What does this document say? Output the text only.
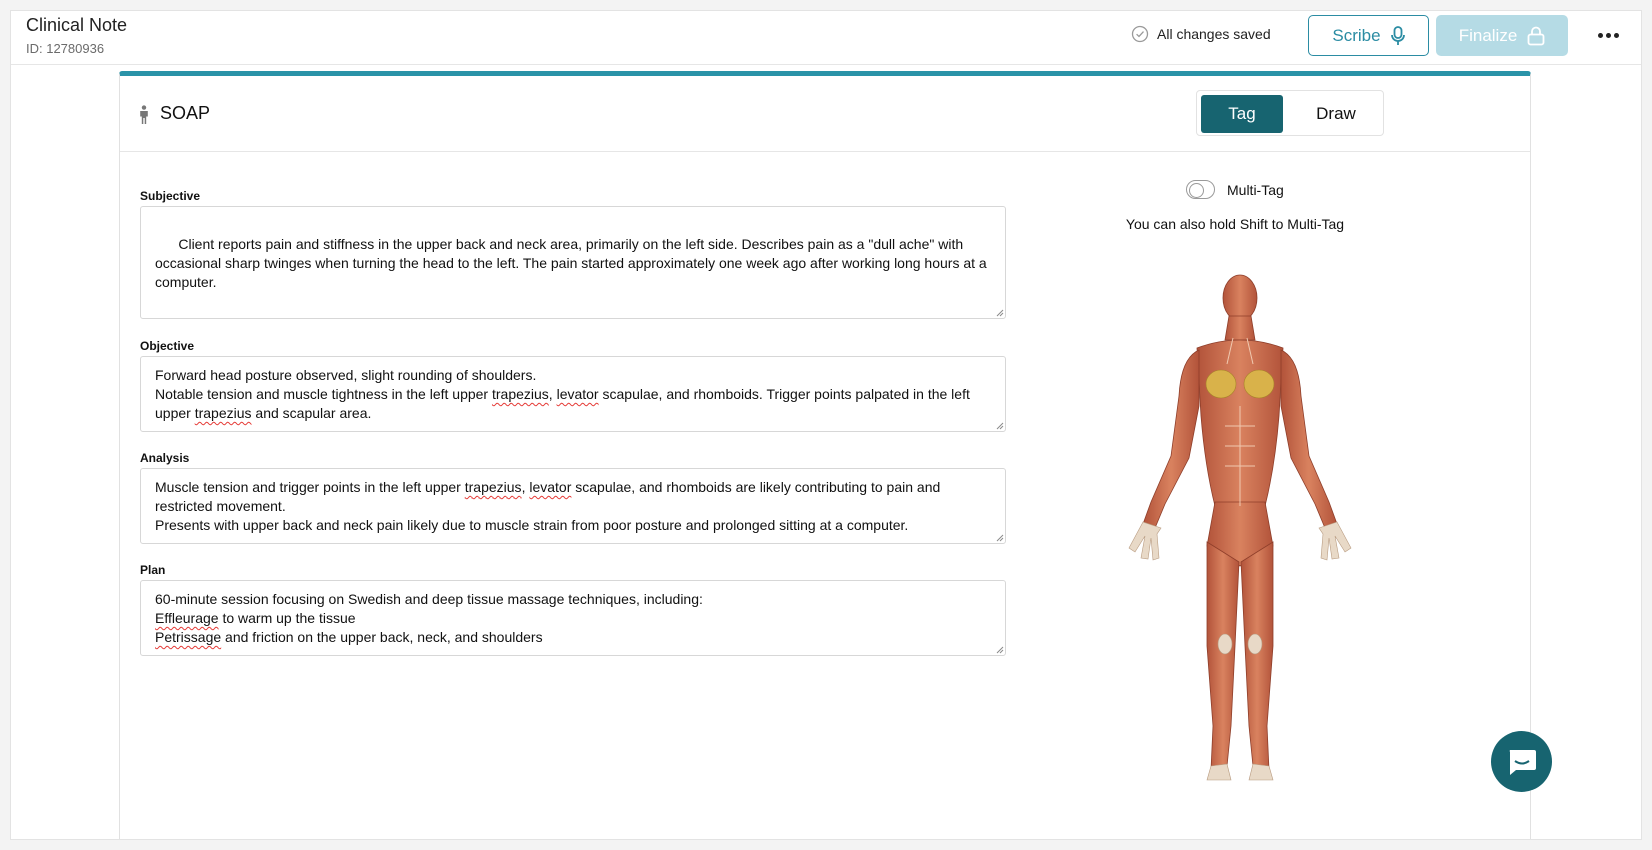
Clinical Note
ID: 12780936
All changes saved	Scribe	Finalize
SOAP	Tag	Draw
Subjective

Client reports pain and stiffness in the upper back and neck area, primarily on the left side. Describes pain as a "dull ache" with occasional sharp twinges when turning the head to the left. The pain started approximately one week ago after working long hours at a computer.

Objective
Forward head posture observed, slight rounding of shoulders.
Notable tension and muscle tightness in the left upper trapezius, levator scapulae, and rhomboids. Trigger points palpated in the left upper trapezius and scapular area.
Analysis
Muscle tension and trigger points in the left upper trapezius, levator scapulae, and rhomboids are likely contributing to pain and restricted movement.
Presents with upper back and neck pain likely due to muscle strain from poor posture and prolonged sitting at a computer.
Plan
60-minute session focusing on Swedish and deep tissue massage techniques, including:
Effleurage to warm up the tissue
Petrissage and friction on the upper back, neck, and shoulders
Multi-Tag
You can also hold Shift to Multi-Tag
